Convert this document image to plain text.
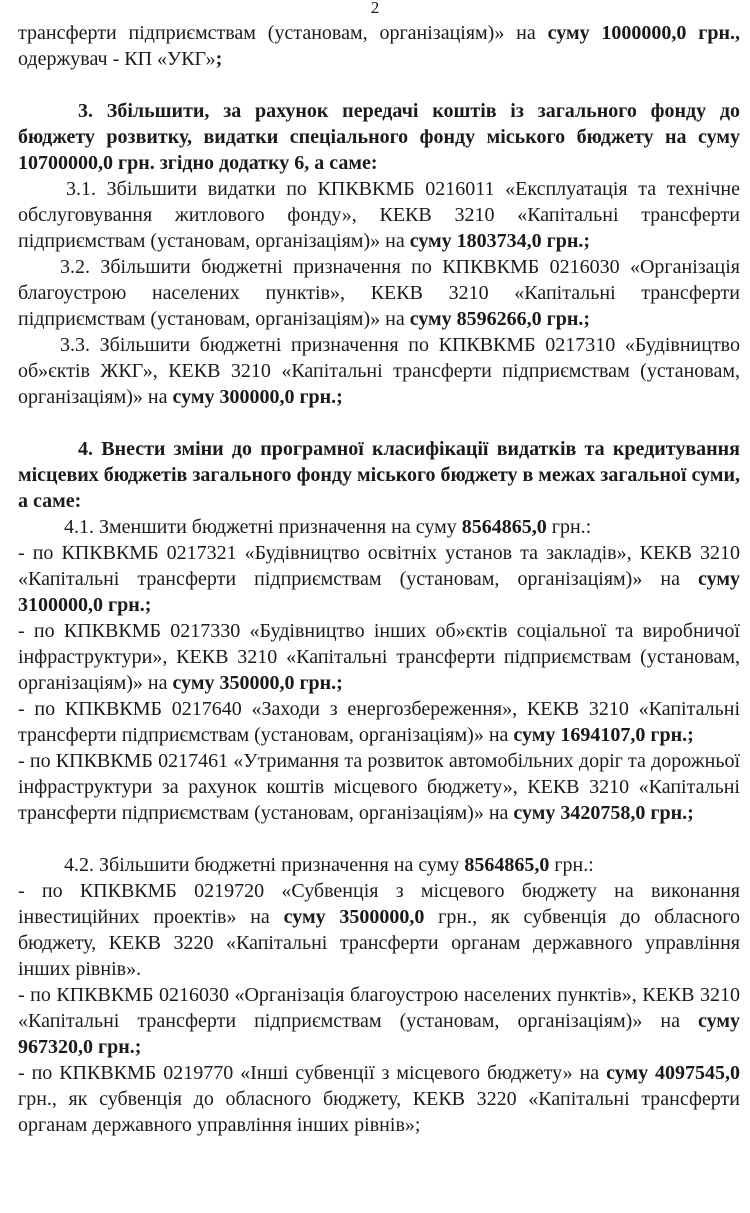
2

трансферти підприємствам (установам, організаціям)» на суму 1000000,0 грн., одержувач - КП «УКГ»;

3. Збільшити, за рахунок передачі коштів із загального фонду до бюджету розвитку, видатки спеціального фонду міського бюджету на суму 10700000,0 грн. згідно додатку 6, а саме:

3.1. Збільшити видатки по КПКВКМБ 0216011 «Експлуатація та технічне обслуговування житлового фонду», КЕКВ 3210 «Капітальні трансферти підприємствам (установам, організаціям)» на суму 1803734,0 грн.;

3.2. Збільшити бюджетні призначення по КПКВКМБ 0216030 «Організація благоустрою населених пунктів», КЕКВ 3210 «Капітальні трансферти підприємствам (установам, організаціям)» на суму 8596266,0 грн.;

3.3. Збільшити бюджетні призначення по КПКВКМБ 0217310 «Будівництво об»єктів ЖКГ», КЕКВ 3210 «Капітальні трансферти підприємствам (установам, організаціям)» на суму 300000,0 грн.;

4. Внести зміни до програмної класифікації видатків та кредитування місцевих бюджетів загального фонду міського бюджету в межах загальної суми, а саме:

4.1. Зменшити бюджетні призначення на суму 8564865,0 грн.:

- по КПКВКМБ 0217321 «Будівництво освітніх установ та закладів», КЕКВ 3210 «Капітальні трансферти підприємствам (установам, організаціям)» на суму 3100000,0 грн.;

- по КПКВКМБ 0217330 «Будівництво інших об»єктів соціальної та виробничої інфраструктури», КЕКВ 3210 «Капітальні трансферти підприємствам (установам, організаціям)» на суму 350000,0 грн.;

- по КПКВКМБ 0217640 «Заходи з енергозбереження», КЕКВ 3210 «Капітальні трансферти підприємствам (установам, організаціям)» на суму 1694107,0 грн.;

- по КПКВКМБ 0217461 «Утримання та розвиток автомобільних доріг та дорожньої інфраструктури за рахунок коштів місцевого бюджету», КЕКВ 3210 «Капітальні трансферти підприємствам (установам, організаціям)» на суму 3420758,0 грн.;

4.2. Збільшити бюджетні призначення на суму 8564865,0 грн.:

- по КПКВКМБ 0219720 «Субвенція з місцевого бюджету на виконання інвестиційних проектів» на суму 3500000,0 грн., як субвенція до обласного бюджету, КЕКВ 3220 «Капітальні трансферти органам державного управління інших рівнів».

- по КПКВКМБ 0216030 «Організація благоустрою населених пунктів», КЕКВ 3210 «Капітальні трансферти підприємствам (установам, організаціям)» на суму 967320,0 грн.;

- по КПКВКМБ 0219770 «Інші субвенції з місцевого бюджету» на суму 4097545,0 грн., як субвенція до обласного бюджету, КЕКВ 3220 «Капітальні трансферти органам державного управління інших рівнів»;
